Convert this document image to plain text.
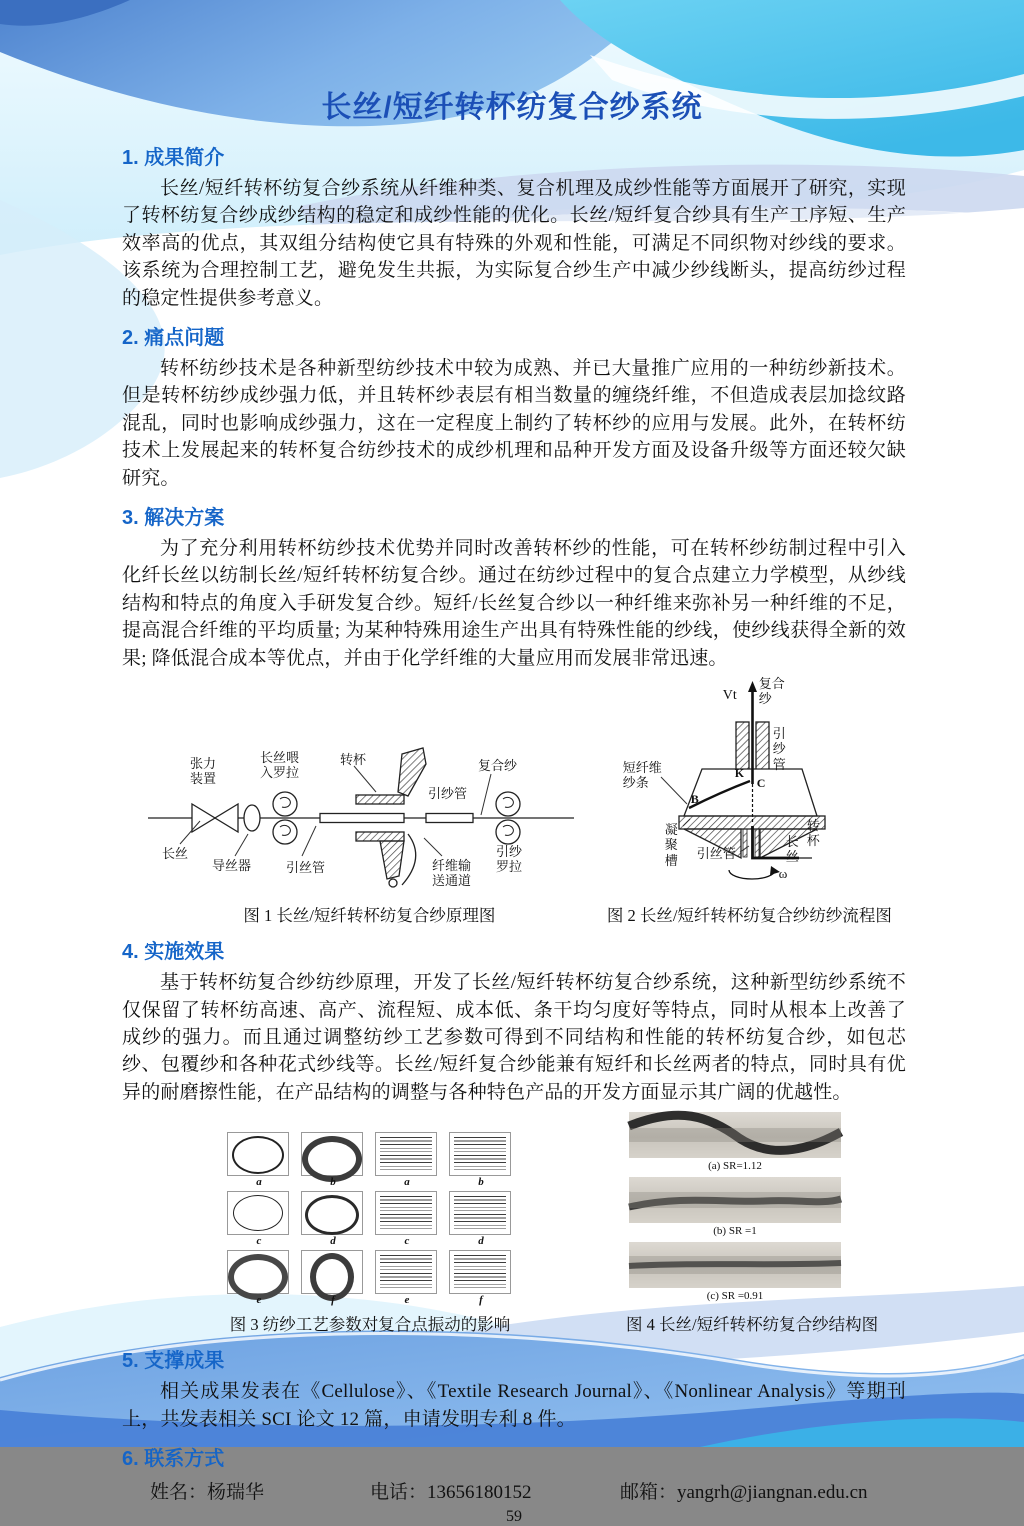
长丝/短纤转杯纺复合纱系统
1. 成果简介

长丝/短纤转杯纺复合纱系统从纤维种类、复合机理及成纱性能等方面展开了研究，实现了转杯纺复合纱成纱结构的稳定和成纱性能的优化。长丝/短纤复合纱具有生产工序短、生产效率高的优点，其双组分结构使它具有特殊的外观和性能，可满足不同织物对纱线的要求。该系统为合理控制工艺，避免发生共振，为实际复合纱生产中减少纱线断头，提高纺纱过程的稳定性提供参考意义。

2. 痛点问题

转杯纺纱技术是各种新型纺纱技术中较为成熟、并已大量推广应用的一种纺纱新技术。但是转杯纺纱成纱强力低，并且转杯纱表层有相当数量的缠绕纤维，不但造成表层加捻纹路混乱，同时也影响成纱强力，这在一定程度上制约了转杯纱的应用与发展。此外，在转杯纺技术上发展起来的转杯复合纺纱技术的成纱机理和品种开发方面及设备升级等方面还较欠缺研究。

3. 解决方案

为了充分利用转杯纺纱技术优势并同时改善转杯纱的性能，可在转杯纱纺制过程中引入化纤长丝以纺制长丝/短纤转杯纺复合纱。通过在纺纱过程中的复合点建立力学模型，从纱线结构和特点的角度入手研发复合纱。短纤/长丝复合纱以一种纤维来弥补另一种纤维的不足，提高混合纤维的平均质量; 为某种特殊用途生产出具有特殊性能的纱线，使纱线获得全新的效果; 降低混合成本等优点，并由于化学纤维的大量应用而发展非常迅速。

张力装置
长丝喂入罗拉
转杯
引纱管
复合纱
长丝
导丝器	引丝管	纤维输送通道
引纱罗拉
图 1 长丝/短纤转杯纺复合纱原理图
Vt
复合纱
引纱管
短纤维纱条
K
C
B
凝聚槽 引丝管
转杯
长丝
ω
图 2 长丝/短纤转杯纺复合纱纺纱流程图
4. 实施效果

基于转杯纺复合纱纺纱原理，开发了长丝/短纤转杯纺复合纱系统，这种新型纺纱系统不仅保留了转杯纺高速、高产、流程短、成本低、条干均匀度好等特点，同时从根本上改善了成纱的强力。而且通过调整纺纱工艺参数可得到不同结构和性能的转杯纺复合纱，如包芯纱、包覆纱和各种花式纱线等。长丝/短纤复合纱能兼有短纤和长丝两者的特点，同时具有优异的耐磨擦性能，在产品结构的调整与各种特色产品的开发方面显示其广阔的优越性。

a	b	a	b
c	d	c	d
e	f	e	f
图 3 纺纱工艺参数对复合点振动的影响
(a) SR=1.12
(b) SR =1
(c) SR =0.91
图 4 长丝/短纤转杯纺复合纱结构图
5. 支撑成果

相关成果发表在《Cellulose》、《Textile Research Journal》、《Nonlinear Analysis》等期刊上，共发表相关 SCI 论文 12 篇，申请发明专利 8 件。

6. 联系方式
姓名：杨瑞华	电话：13656180152	邮箱：yangrh@jiangnan.edu.cn
59
